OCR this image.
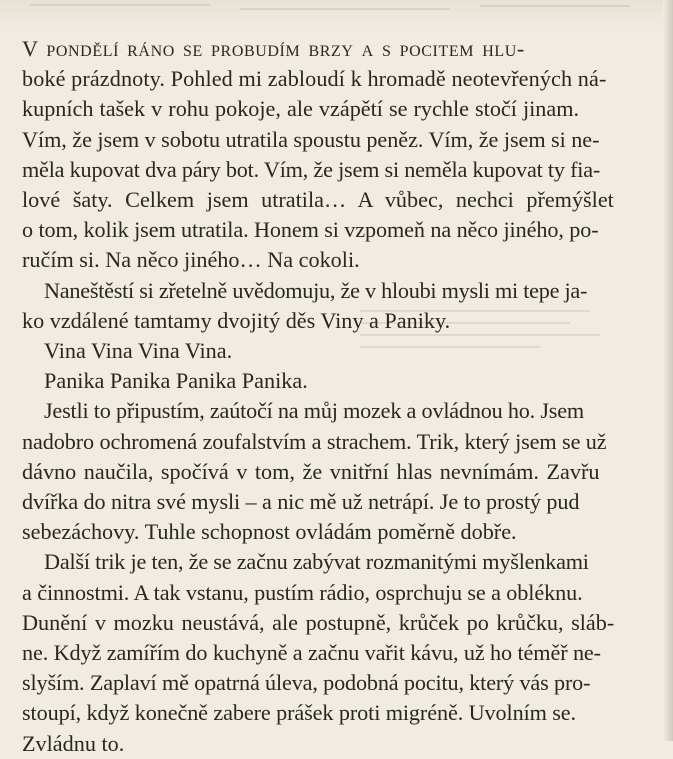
V pondělí ráno se probudím brzy a s pocitem hlu-
boké prázdnoty. Pohled mi zabloudí k hromadě neotevřených ná-
kupních tašek v rohu pokoje, ale vzápětí se rychle stočí jinam.
Vím, že jsem v sobotu utratila spoustu peněz. Vím, že jsem si ne-
měla kupovat dva páry bot. Vím, že jsem si neměla kupovat ty fia-
lové šaty. Celkem jsem utratila… A vůbec, nechci přemýšlet
o tom, kolik jsem utratila. Honem si vzpomeň na něco jiného, po-
ručím si. Na něco jiného… Na cokoli.
Naneštěstí si zřetelně uvědomuju, že v hloubi mysli mi tepe ja-
ko vzdálené tamtamy dvojitý děs Viny a Paniky.
Vina Vina Vina Vina.
Panika Panika Panika Panika.
Jestli to připustím, zaútočí na můj mozek a ovládnou ho. Jsem
nadobro ochromená zoufalstvím a strachem. Trik, který jsem se už
dávno naučila, spočívá v tom, že vnitřní hlas nevnímám. Zavřu
dvířka do nitra své mysli – a nic mě už netrápí. Je to prostý pud
sebezáchovy. Tuhle schopnost ovládám poměrně dobře.
Další trik je ten, že se začnu zabývat rozmanitými myšlenkami
a činnostmi. A tak vstanu, pustím rádio, osprchuju se a obléknu.
Dunění v mozku neustává, ale postupně, krůček po krůčku, sláb-
ne. Když zamířím do kuchyně a začnu vařit kávu, už ho téměř ne-
slyším. Zaplaví mě opatrná úleva, podobná pocitu, který vás pro-
stoupí, když konečně zabere prášek proti migréně. Uvolním se.
Zvládnu to.
